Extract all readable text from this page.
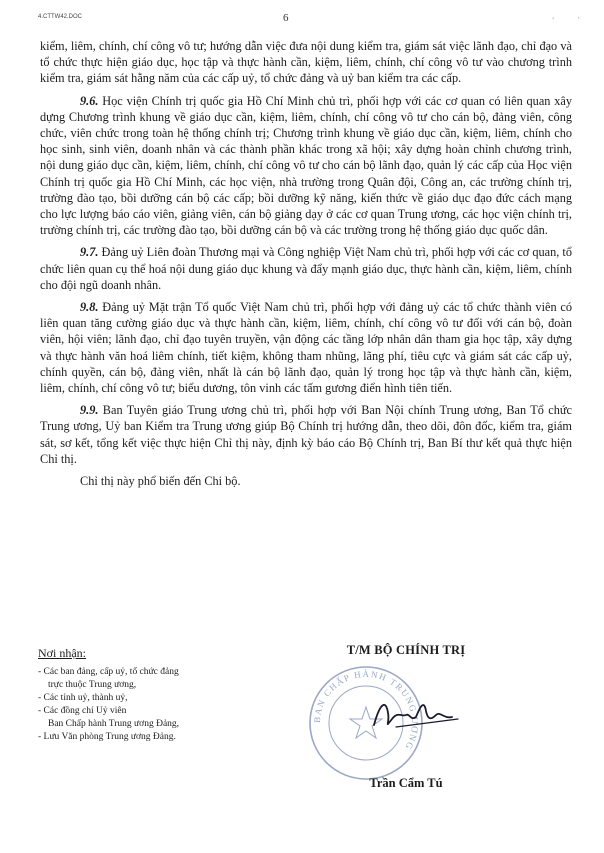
4.CTTW42.DOC	6	‘	′

kiểm, liêm, chính, chí công vô tư; hướng dẫn việc đưa nội dung kiểm tra, giám sát việc lãnh đạo, chỉ đạo và tổ chức thực hiện giáo dục, học tập và thực hành cần, kiệm, liêm, chính, chí công vô tư vào chương trình kiểm tra, giám sát hằng năm của các cấp uỷ, tổ chức đảng và uỷ ban kiểm tra các cấp.

9.6. Học viện Chính trị quốc gia Hồ Chí Minh chủ trì, phối hợp với các cơ quan có liên quan xây dựng Chương trình khung về giáo dục cần, kiệm, liêm, chính, chí công vô tư cho cán bộ, đảng viên, công chức, viên chức trong toàn hệ thống chính trị; Chương trình khung về giáo dục cần, kiệm, liêm, chính cho học sinh, sinh viên, doanh nhân và các thành phần khác trong xã hội; xây dựng hoàn chỉnh chương trình, nội dung giáo dục cần, kiệm, liêm, chính, chí công vô tư cho cán bộ lãnh đạo, quản lý các cấp của Học viện Chính trị quốc gia Hồ Chí Minh, các học viện, nhà trường trong Quân đội, Công an, các trường chính trị, trường đào tạo, bồi dưỡng cán bộ các cấp; bồi dưỡng kỹ năng, kiến thức về giáo dục đạo đức cách mạng cho lực lượng báo cáo viên, giảng viên, cán bộ giảng dạy ở các cơ quan Trung ương, các học viện chính trị, trường chính trị, các trường đào tạo, bồi dưỡng cán bộ và các trường trong hệ thống giáo dục quốc dân.

9.7. Đảng uỷ Liên đoàn Thương mại và Công nghiệp Việt Nam chủ trì, phối hợp với các cơ quan, tổ chức liên quan cụ thể hoá nội dung giáo dục khung và đẩy mạnh giáo dục, thực hành cần, kiệm, liêm, chính cho đội ngũ doanh nhân.

9.8. Đảng uỷ Mặt trận Tổ quốc Việt Nam chủ trì, phối hợp với đảng uỷ các tổ chức thành viên có liên quan tăng cường giáo dục và thực hành cần, kiệm, liêm, chính, chí công vô tư đối với cán bộ, đoàn viên, hội viên; lãnh đạo, chỉ đạo tuyên truyền, vận động các tầng lớp nhân dân tham gia học tập, xây dựng và thực hành văn hoá liêm chính, tiết kiệm, không tham nhũng, lãng phí, tiêu cực và giám sát các cấp uỷ, chính quyền, cán bộ, đảng viên, nhất là cán bộ lãnh đạo, quản lý trong học tập và thực hành cần, kiệm, liêm, chính, chí công vô tư; biểu dương, tôn vinh các tấm gương điển hình tiên tiến.

9.9. Ban Tuyên giáo Trung ương chủ trì, phối hợp với Ban Nội chính Trung ương, Ban Tổ chức Trung ương, Uỷ ban Kiểm tra Trung ương giúp Bộ Chính trị hướng dẫn, theo dõi, đôn đốc, kiểm tra, giám sát, sơ kết, tổng kết việc thực hiện Chỉ thị này, định kỳ báo cáo Bộ Chính trị, Ban Bí thư kết quả thực hiện Chỉ thị.

Chỉ thị này phổ biến đến Chi bộ.

Nơi nhận:
- Các ban đảng, cấp uỷ, tổ chức đảng
trực thuộc Trung ương,
- Các tỉnh uỷ, thành uỷ,
- Các đồng chí Uỷ viên
Ban Chấp hành Trung ương Đảng,
- Lưu Văn phòng Trung ương Đảng.
T/M BỘ CHÍNH TRỊ
BAN CHẤP HÀNH TRUNG ƯƠNG
Trần Cẩm Tú
